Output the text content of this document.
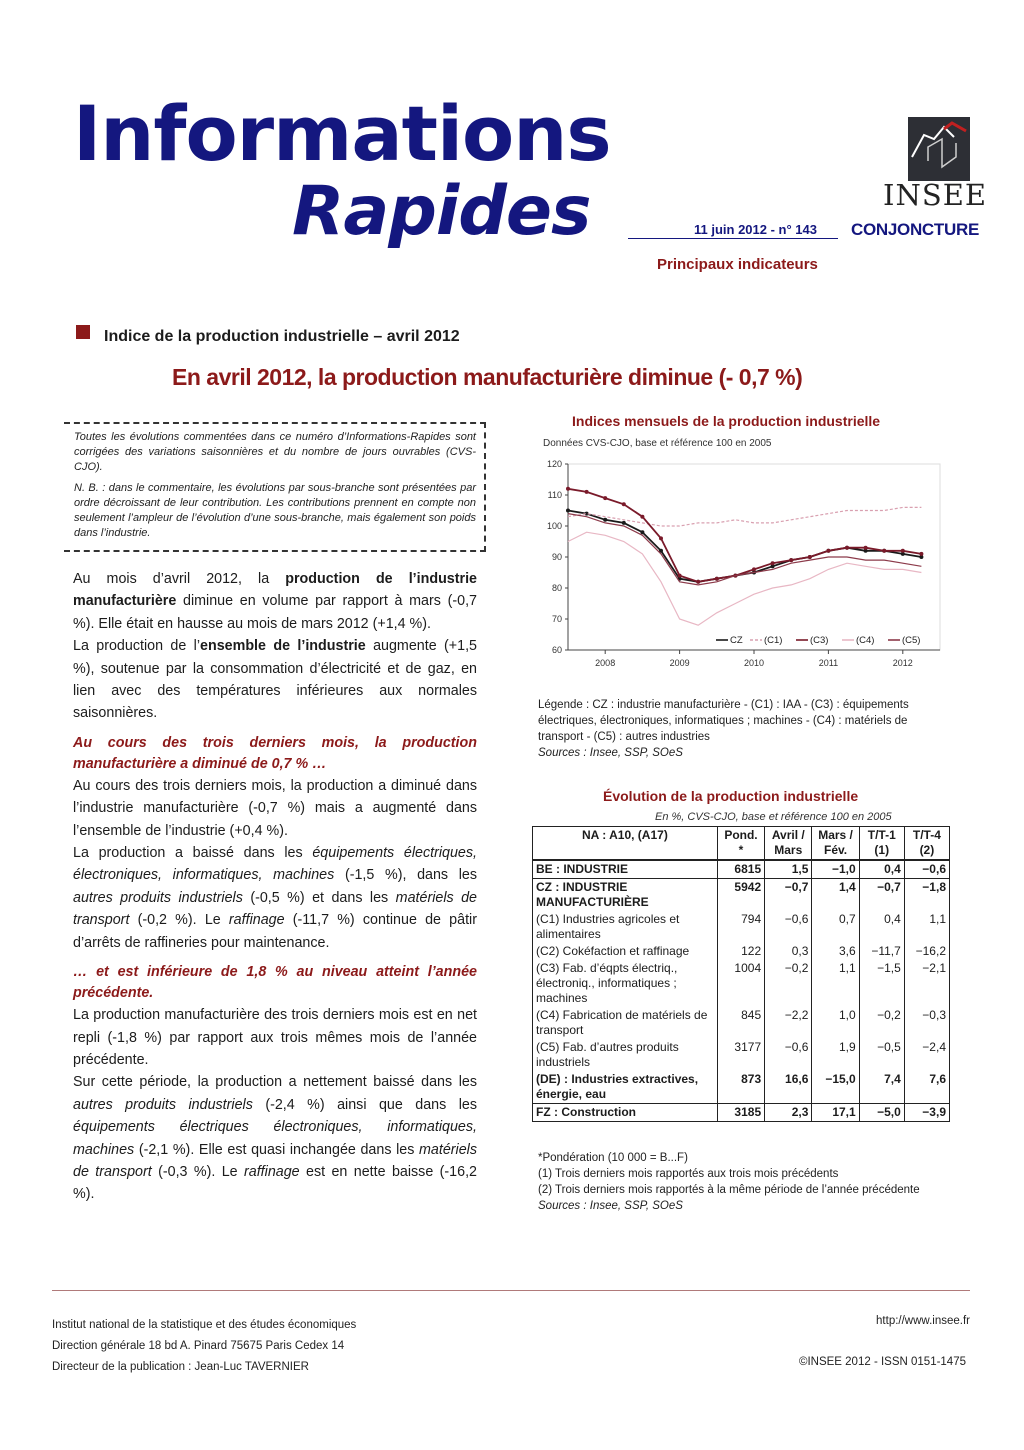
Informations
Rapides	11 juin 2012 - n° 143 CONJONCTURE
Principaux indicateurs
INSEE
Indice de la production industrielle – avril 2012
En avril 2012, la production manufacturière diminue (- 0,7 %)

Toutes les évolutions commentées dans ce numéro d’Informations-Rapides sont corrigées des variations saisonnières et du nombre de jours ouvrables (CVS-CJO).

N. B. : dans le commentaire, les évolutions par sous-branche sont présentées par ordre décroissant de leur contribution. Les contributions prennent en compte non seulement l’ampleur de l’évolution d’une sous-branche, mais également son poids dans l’industrie.

Au mois d’avril 2012, la production de l’industrie manufacturière diminue en volume par rapport à mars (-0,7 %). Elle était en hausse au mois de mars 2012 (+1,4 %).

La production de l’ensemble de l’industrie augmente (+1,5 %), soutenue par la consommation d’électricité et de gaz, en lien avec des températures inférieures aux normales saisonnières.

Au cours des trois derniers mois, la production manufacturière a diminué de 0,7 % …

Au cours des trois derniers mois, la production a diminué dans l’industrie manufacturière (-0,7 %) mais a augmenté dans l’ensemble de l’industrie (+0,4 %).

La production a baissé dans les équipements électriques, électroniques, informatiques, machines (-1,5 %), dans les autres produits industriels (-0,5 %) et dans les matériels de transport (-0,2 %). Le raffinage (-11,7 %) continue de pâtir d’arrêts de raffineries pour maintenance.

… et est inférieure de 1,8 % au niveau atteint l’année précédente.

La production manufacturière des trois derniers mois est en net repli (-1,8 %) par rapport aux trois mêmes mois de l’année précédente.

Sur cette période, la production a nettement baissé dans les autres produits industriels (-2,4 %) ainsi que dans les équipements électriques électroniques, informatiques, machines (-2,1 %). Elle est quasi inchangée dans les matériels de transport (-0,3 %). Le raffinage est en nette baisse (-16,2 %).

Indices mensuels de la production industrielle
Données CVS-CJO, base et référence 100 en 2005
60
70
80
90
100
110
120
2008	2009	2010	2011	2012
CZ (C1)	(C3)	(C4)	(C5)
Légende : CZ : industrie manufacturière - (C1) : IAA - (C3) : équipements électriques, électroniques, informatiques ; machines - (C4) : matériels de transport - (C5) : autres industries
Sources : Insee, SSP, SOeS
Évolution de la production industrielle
En %, CVS-CJO, base et référence 100 en 2005
NA : A10, (A17)	Pond. *	Avril / Mars	Mars / Fév.	T/T-1 (1)	T/T-4 (2)
BE : INDUSTRIE	6815	1,5	−1,0	0,4	−0,6
CZ : INDUSTRIE MANUFACTURIÈRE	5942	−0,7	1,4	−0,7	−1,8
(C1) Industries agricoles et alimentaires	794	−0,6	0,7	0,4	1,1
(C2) Cokéfaction et raffinage	122	0,3	3,6	−11,7	−16,2
(C3) Fab. d’éqpts électriq., électroniq., informatiques ; machines	1004	−0,2	1,1	−1,5	−2,1
(C4) Fabrication de matériels de transport	845	−2,2	1,0	−0,2	−0,3
(C5) Fab. d’autres produits industriels	3177	−0,6	1,9	−0,5	−2,4
(DE) : Industries extractives, énergie, eau	873	16,6	−15,0	7,4	7,6
FZ : Construction	3185	2,3	17,1	−5,0	−3,9
*Pondération (10 000 = B...F)
(1) Trois derniers mois rapportés aux trois mois précédents
(2) Trois derniers mois rapportés à la même période de l’année précédente
Sources : Insee, SSP, SOeS
Institut national de la statistique et des études économiques
Direction générale 18 bd A. Pinard 75675 Paris Cedex 14
Directeur de la publication : Jean-Luc TAVERNIER
http://www.insee.fr
©INSEE 2012 - ISSN 0151-1475
